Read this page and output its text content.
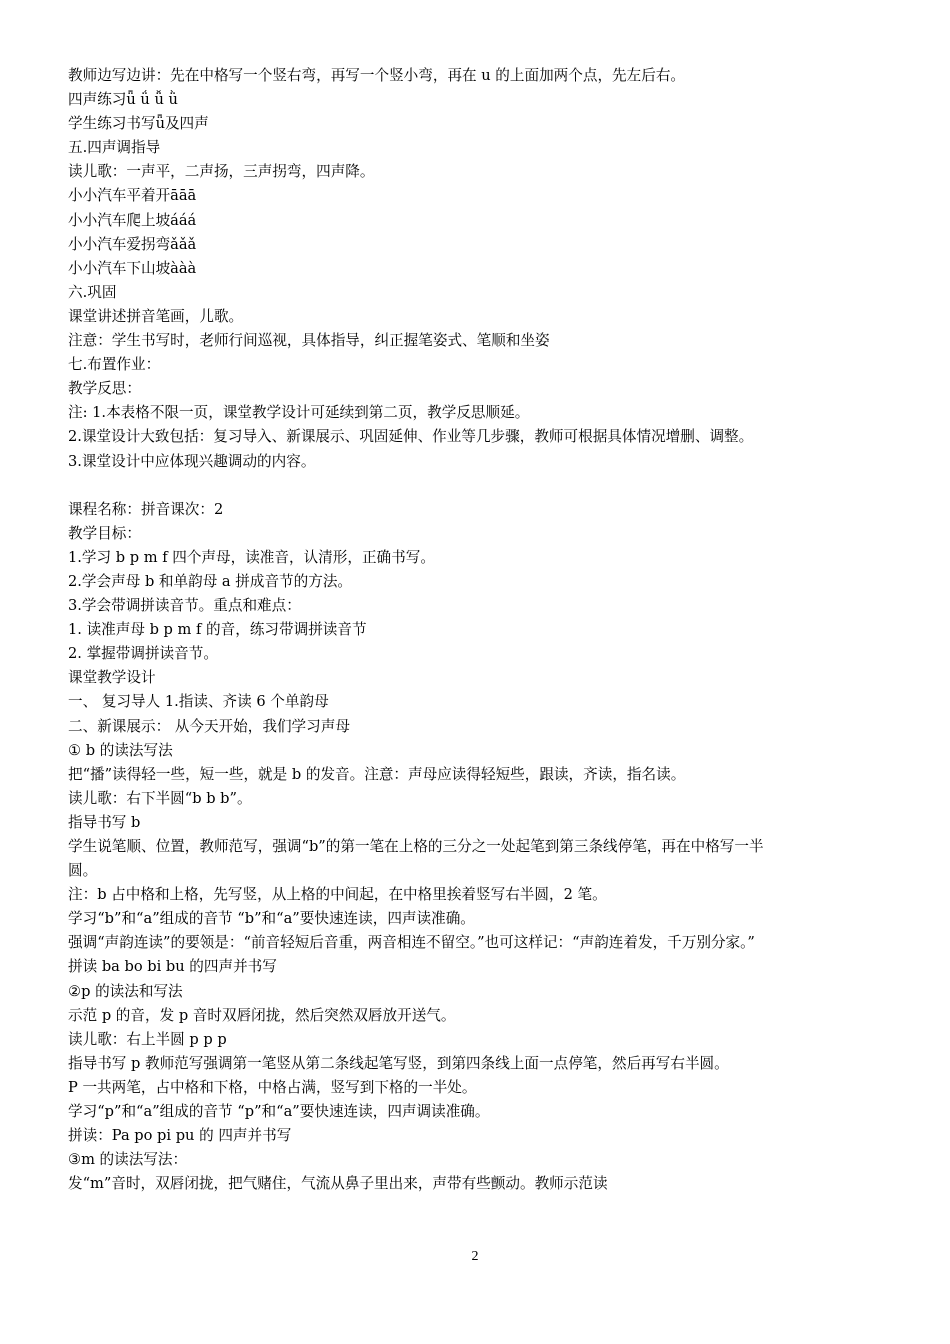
教师边写边讲：先在中格写一个竖右弯，再写一个竖小弯，再在 u 的上面加两个点，先左后右。
四声练习ǖ ǘ ǚ ǜ
学生练习书写ǖ及四声
五.四声调指导
读儿歌：一声平，二声扬，三声拐弯，四声降。
小小汽车平着开āāā
小小汽车爬上坡ááá
小小汽车爱拐弯ǎǎǎ
小小汽车下山坡ààà
六.巩固
课堂讲述拼音笔画，儿歌。
注意：学生书写时，老师行间巡视，具体指导，纠正握笔姿式、笔顺和坐姿
七.布置作业：
教学反思：
注: 1.本表格不限一页，课堂教学设计可延续到第二页，教学反思顺延。
2.课堂设计大致包括：复习导入、新课展示、巩固延伸、作业等几步骤，教师可根据具体情况增删、调整。
3.课堂设计中应体现兴趣调动的内容。
课程名称：拼音课次：2
教学目标：
1.学习 b p m f 四个声母，读准音，认清形，正确书写。
2.学会声母 b 和单韵母 a 拼成音节的方法。
3.学会带调拼读音节。重点和难点：
1. 读准声母 b p m f 的音，练习带调拼读音节
2. 掌握带调拼读音节。
课堂教学设计
一、 复习导人 1.指读、齐读 6 个单韵母
二、新课展示： 从今天开始，我们学习声母
① b 的读法写法
把“播”读得轻一些，短一些，就是 b 的发音。注意：声母应读得轻短些，跟读，齐读，指名读。
读儿歌：右下半圆“b b b”。
指导书写 b
学生说笔顺、位置，教师范写，强调“b”的第一笔在上格的三分之一处起笔到第三条线停笔，再在中格写一半
圆。
注：b 占中格和上格，先写竖，从上格的中间起，在中格里挨着竖写右半圆，2 笔。
学习“b”和“a”组成的音节 “b”和“a”要快速连读，四声读准确。
强调“声韵连读”的要领是：“前音轻短后音重，两音相连不留空。”也可这样记：“声韵连着发，千万别分家。”
拼读 ba bo bi bu 的四声并书写
②p 的读法和写法
示范 p 的音，发 p 音时双唇闭拢，然后突然双唇放开送气。
读儿歌：右上半圆 p p p
指导书写 p 教师范写强调第一笔竖从第二条线起笔写竖，到第四条线上面一点停笔，然后再写右半圆。
P 一共两笔，占中格和下格，中格占满，竖写到下格的一半处。
学习“p”和“a”组成的音节 “p”和“a”要快速连读，四声调读准确。
拼读：Pa po pi pu 的 四声并书写
③m 的读法写法：
发“m”音时，双唇闭拢，把气赌住，气流从鼻子里出来，声带有些颤动。教师示范读
2
